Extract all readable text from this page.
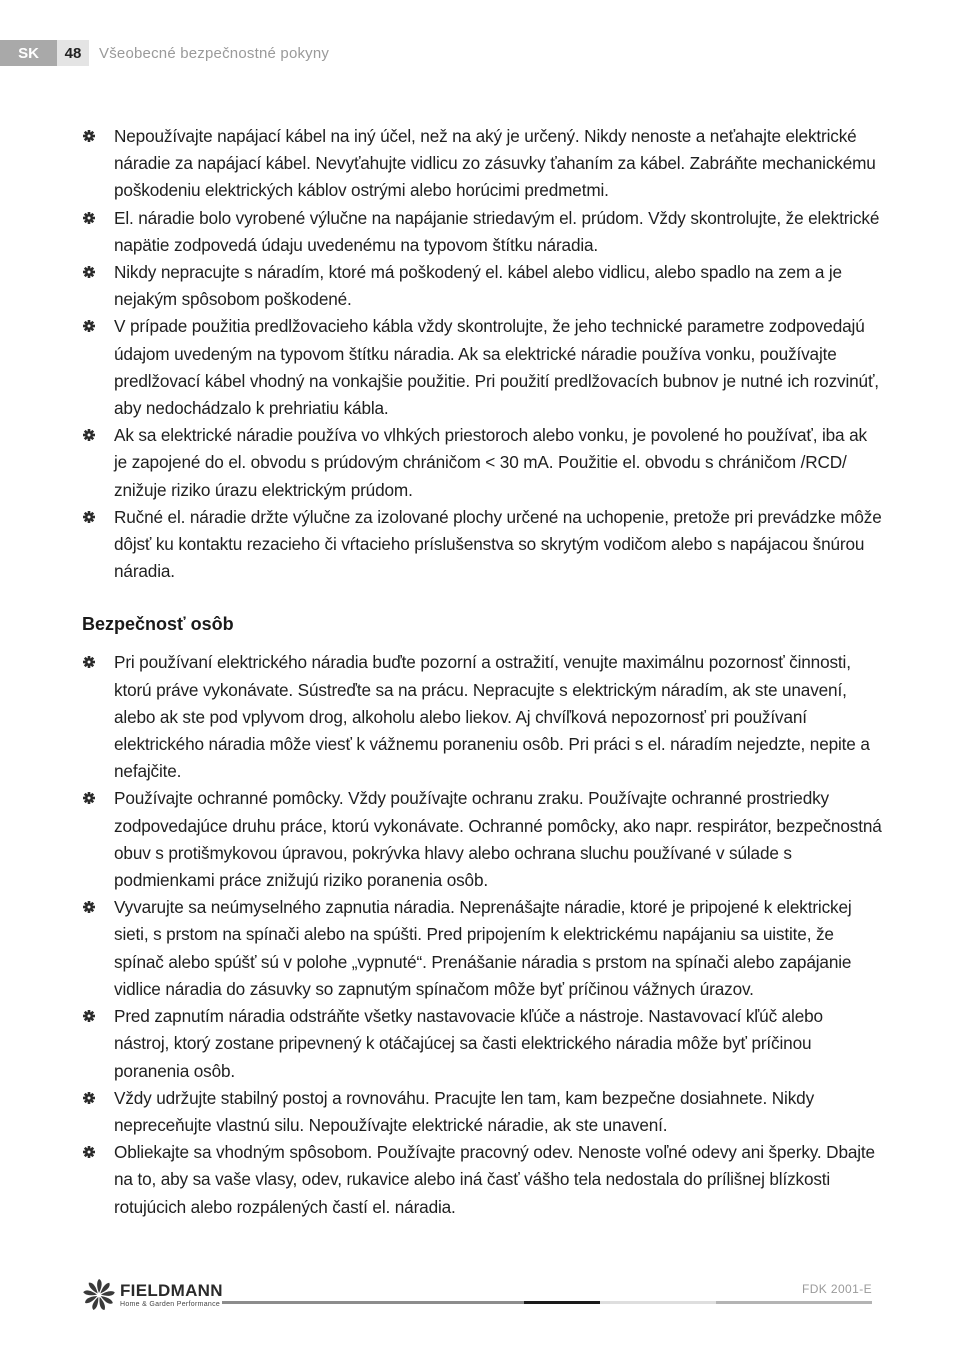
SK	48	Všeobecné bezpečnostné pokyny
Nepoužívajte napájací kábel na iný účel, než na aký je určený. Nikdy nenoste a neťahajte elektrické náradie za napájací kábel. Nevyťahujte vidlicu zo zásuvky ťahaním za kábel. Zabráňte mechanickému poškodeniu elektrických káblov ostrými alebo horúcimi predmetmi.
El. náradie bolo vyrobené výlučne na napájanie striedavým el. prúdom. Vždy skontrolujte, že elektrické napätie zodpovedá údaju uvedenému na typovom štítku náradia.
Nikdy nepracujte s náradím, ktoré má poškodený el. kábel alebo vidlicu, alebo spadlo na zem a je nejakým spôsobom poškodené.
V prípade použitia predlžovacieho kábla vždy skontrolujte, že jeho technické parametre zodpovedajú údajom uvedeným na typovom štítku náradia. Ak sa elektrické náradie používa vonku, používajte predlžovací kábel vhodný na vonkajšie použitie. Pri použití predlžovacích bubnov je nutné ich rozvinúť, aby nedochádzalo k prehriatiu kábla.
Ak sa elektrické náradie používa vo vlhkých priestoroch alebo vonku, je povolené ho používať, iba ak je zapojené do el. obvodu s prúdovým chráničom < 30 mA. Použitie el. obvodu s chráničom /RCD/ znižuje riziko úrazu elektrickým prúdom.
Ručné el. náradie držte výlučne za izolované plochy určené na uchopenie, pretože pri prevádzke môže dôjsť ku kontaktu rezacieho či vŕtacieho príslušenstva so skrytým vodičom alebo s napájacou šnúrou náradia.
Bezpečnosť osôb
Pri používaní elektrického náradia buďte pozorní a ostražití, venujte maximálnu pozornosť činnosti, ktorú práve vykonávate. Sústreďte sa na prácu. Nepracujte s elektrickým náradím, ak ste unavení, alebo ak ste pod vplyvom drog, alkoholu alebo liekov. Aj chvíľková nepozornosť pri používaní elektrického náradia môže viesť k vážnemu poraneniu osôb. Pri práci s el. náradím nejedzte, nepite a nefajčite.
Používajte ochranné pomôcky. Vždy používajte ochranu zraku. Používajte ochranné prostriedky zodpovedajúce druhu práce, ktorú vykonávate. Ochranné pomôcky, ako napr. respirátor, bezpečnostná obuv s protišmykovou úpravou, pokrývka hlavy alebo ochrana sluchu používané v súlade s podmienkami práce znižujú riziko poranenia osôb.
Vyvarujte sa neúmyselného zapnutia náradia. Neprenášajte náradie, ktoré je pripojené k elektrickej sieti, s prstom na spínači alebo na spúšti. Pred pripojením k elektrickému napájaniu sa uistite, že spínač alebo spúšť sú v polohe „vypnuté“. Prenášanie náradia s prstom na spínači alebo zapájanie vidlice náradia do zásuvky so zapnutým spínačom môže byť príčinou vážnych úrazov.
Pred zapnutím náradia odstráňte všetky nastavovacie kľúče a nástroje. Nastavovací kľúč alebo nástroj, ktorý zostane pripevnený k otáčajúcej sa časti elektrického náradia môže byť príčinou poranenia osôb.
Vždy udržujte stabilný postoj a rovnováhu. Pracujte len tam, kam bezpečne dosiahnete. Nikdy neprecеňujte vlastnú silu. Nepoužívajte elektrické náradie, ak ste unavení.
Obliekajte sa vhodným spôsobom. Používajte pracovný odev. Nenoste voľné odevy ani šperky. Dbajte na to, aby sa vaše vlasy, odev, rukavice alebo iná časť vášho tela nedostala do prílišnej blízkosti rotujúcich alebo rozpálených častí el. náradia.
FIELDMANN
Home & Garden Performance
FDK 2001-E
